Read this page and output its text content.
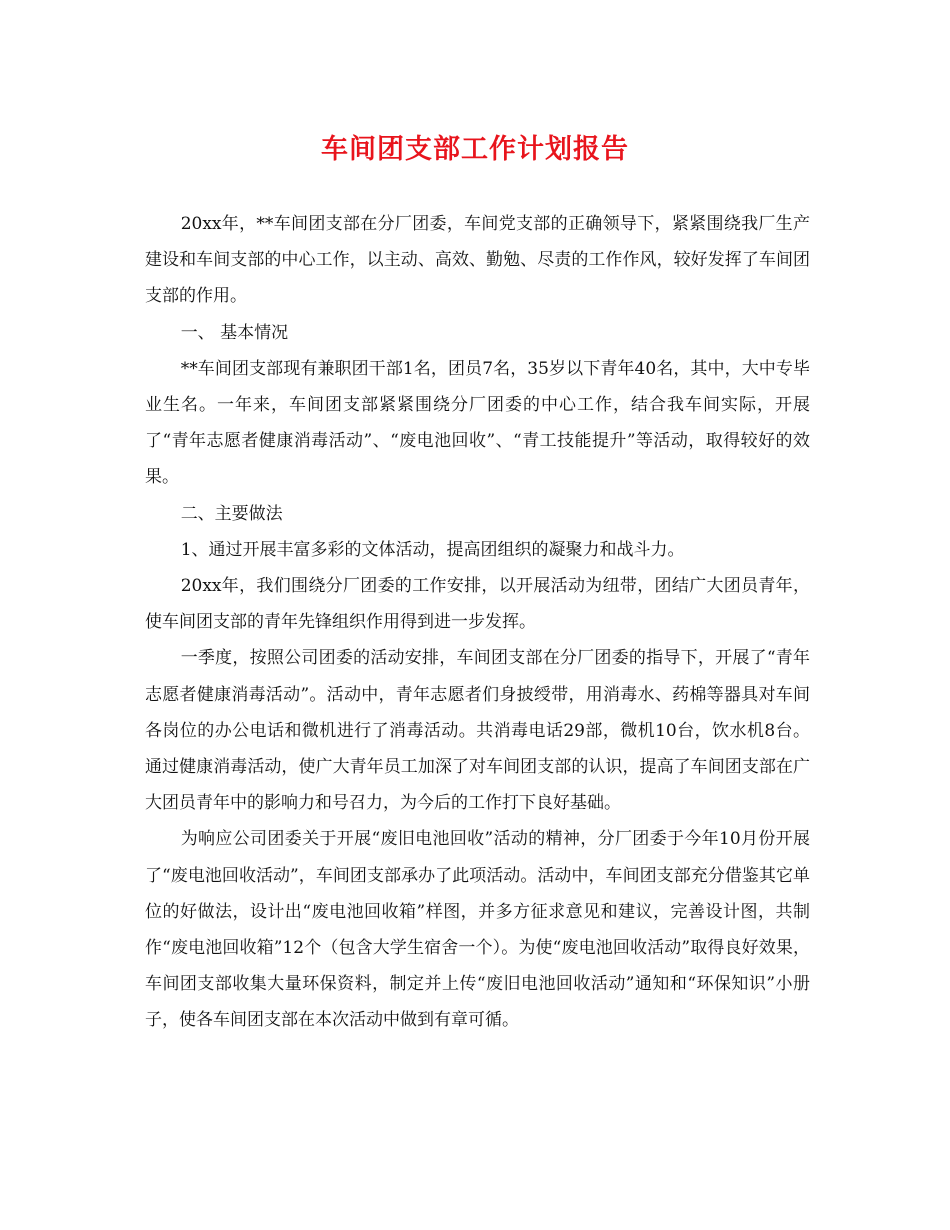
车间团支部工作计划报告

20xx年，**车间团支部在分厂团委，车间党支部的正确领导下，紧紧围绕我厂生产建设和车间支部的中心工作，以主动、高效、勤勉、尽责的工作作风，较好发挥了车间团支部的作用。

一、 基本情况

**车间团支部现有兼职团干部1名，团员7名，35岁以下青年40名，其中，大中专毕业生名。一年来，车间团支部紧紧围绕分厂团委的中心工作，结合我车间实际，开展了“青年志愿者健康消毒活动”、“废电池回收”、“青工技能提升”等活动，取得较好的效果。

二、主要做法

1、通过开展丰富多彩的文体活动，提高团组织的凝聚力和战斗力。

20xx年，我们围绕分厂团委的工作安排，以开展活动为纽带，团结广大团员青年，使车间团支部的青年先锋组织作用得到进一步发挥。

一季度，按照公司团委的活动安排，车间团支部在分厂团委的指导下，开展了“青年志愿者健康消毒活动”。活动中，青年志愿者们身披绶带，用消毒水、药棉等器具对车间各岗位的办公电话和微机进行了消毒活动。共消毒电话29部，微机10台，饮水机8台。通过健康消毒活动，使广大青年员工加深了对车间团支部的认识，提高了车间团支部在广大团员青年中的影响力和号召力，为今后的工作打下良好基础。

为响应公司团委关于开展“废旧电池回收”活动的精神，分厂团委于今年10月份开展了“废电池回收活动”，车间团支部承办了此项活动。活动中，车间团支部充分借鉴其它单位的好做法，设计出“废电池回收箱”样图，并多方征求意见和建议，完善设计图，共制作“废电池回收箱”12个（包含大学生宿舍一个）。为使“废电池回收活动”取得良好效果，车间团支部收集大量环保资料，制定并上传“废旧电池回收活动”通知和“环保知识”小册子，使各车间团支部在本次活动中做到有章可循。
